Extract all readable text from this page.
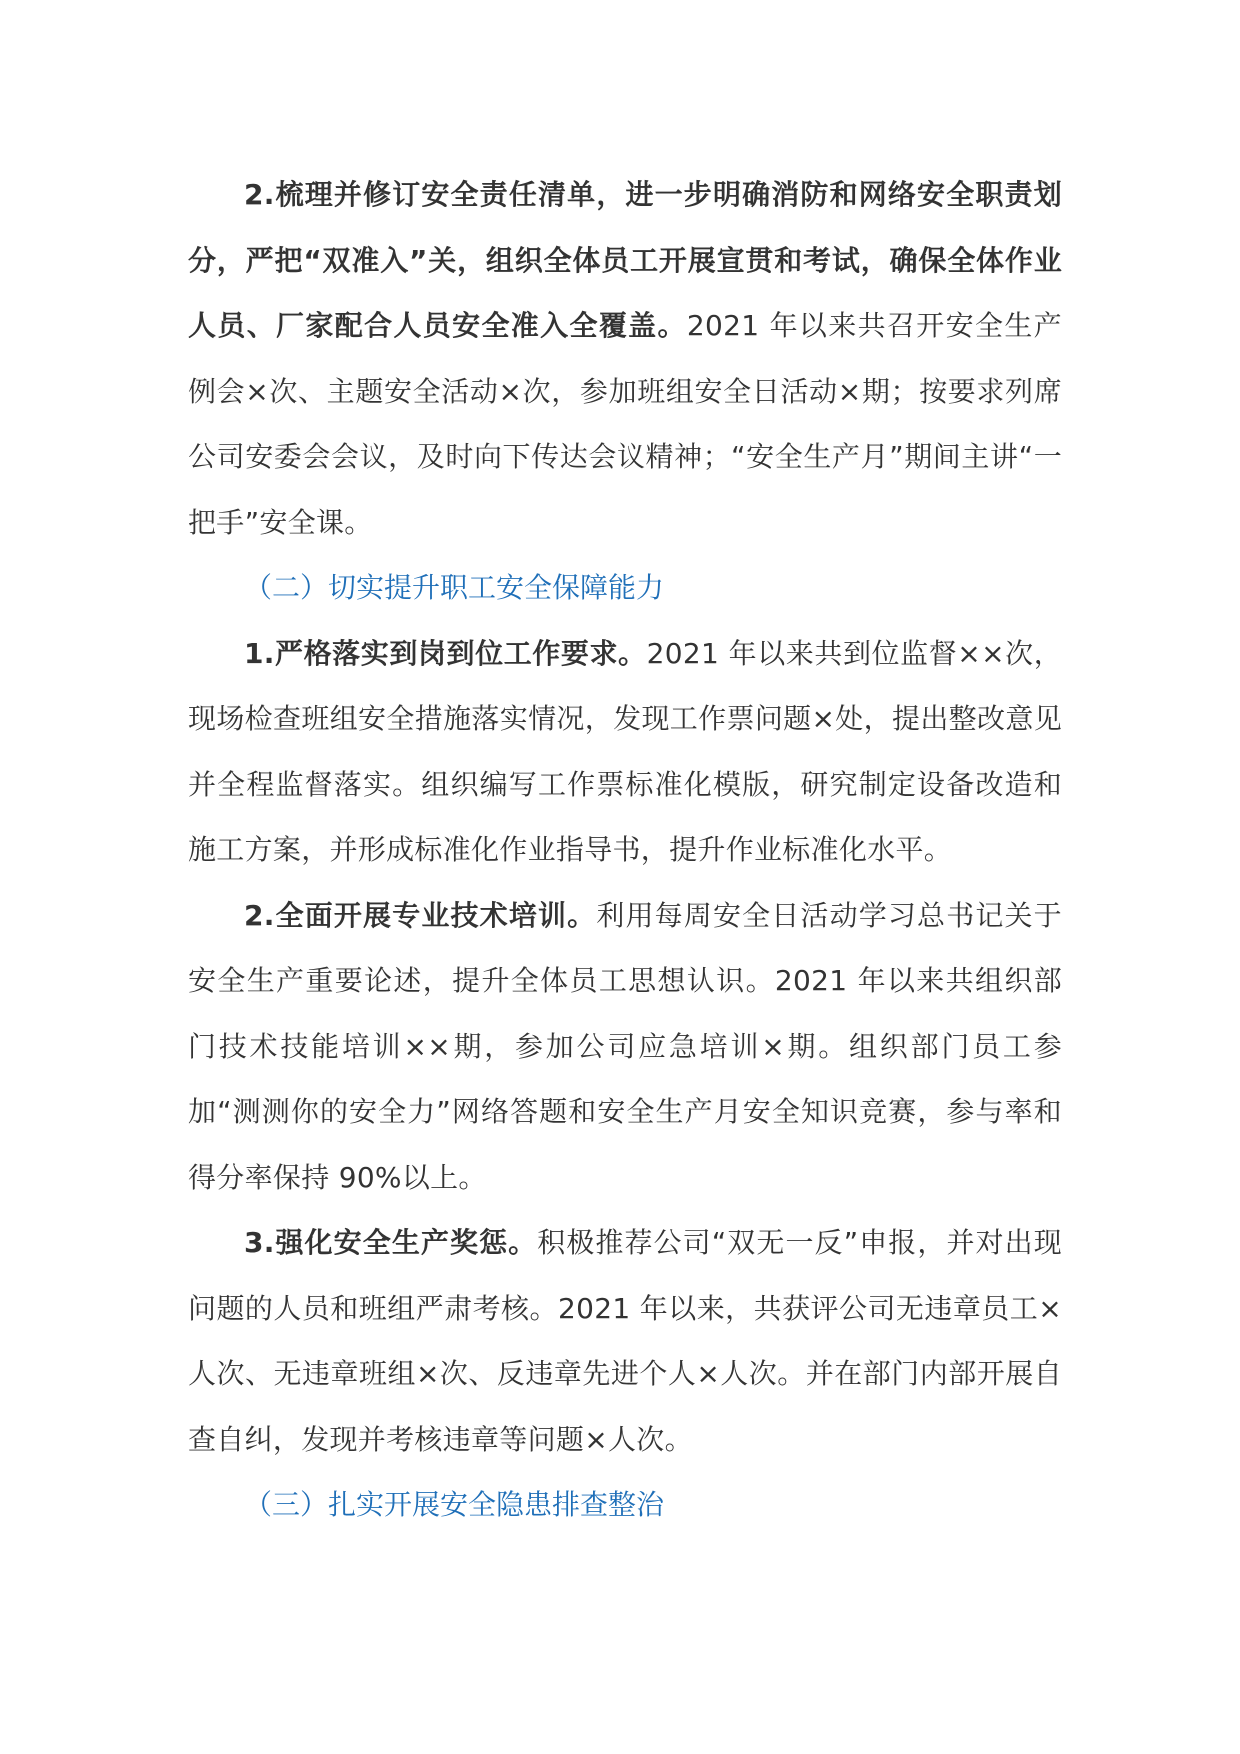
2.梳理并修订安全责任清单，进一步明确消防和网络安全职责划分，严把“双准入”关，组织全体员工开展宣贯和考试，确保全体作业人员、厂家配合人员安全准入全覆盖。2021 年以来共召开安全生产例会×次、主题安全活动×次，参加班组安全日活动×期；按要求列席公司安委会会议，及时向下传达会议精神；“安全生产月”期间主讲“一把手”安全课。

（二）切实提升职工安全保障能力

1.严格落实到岗到位工作要求。2021 年以来共到位监督××次，现场检查班组安全措施落实情况，发现工作票问题×处，提出整改意见并全程监督落实。组织编写工作票标准化模版，研究制定设备改造和施工方案，并形成标准化作业指导书，提升作业标准化水平。

2.全面开展专业技术培训。利用每周安全日活动学习总书记关于安全生产重要论述，提升全体员工思想认识。2021 年以来共组织部门技术技能培训××期，参加公司应急培训×期。组织部门员工参加“测测你的安全力”网络答题和安全生产月安全知识竞赛，参与率和得分率保持 90%以上。

3.强化安全生产奖惩。积极推荐公司“双无一反”申报，并对出现问题的人员和班组严肃考核。2021 年以来，共获评公司无违章员工×人次、无违章班组×次、反违章先进个人×人次。并在部门内部开展自查自纠，发现并考核违章等问题×人次。

（三）扎实开展安全隐患排查整治
